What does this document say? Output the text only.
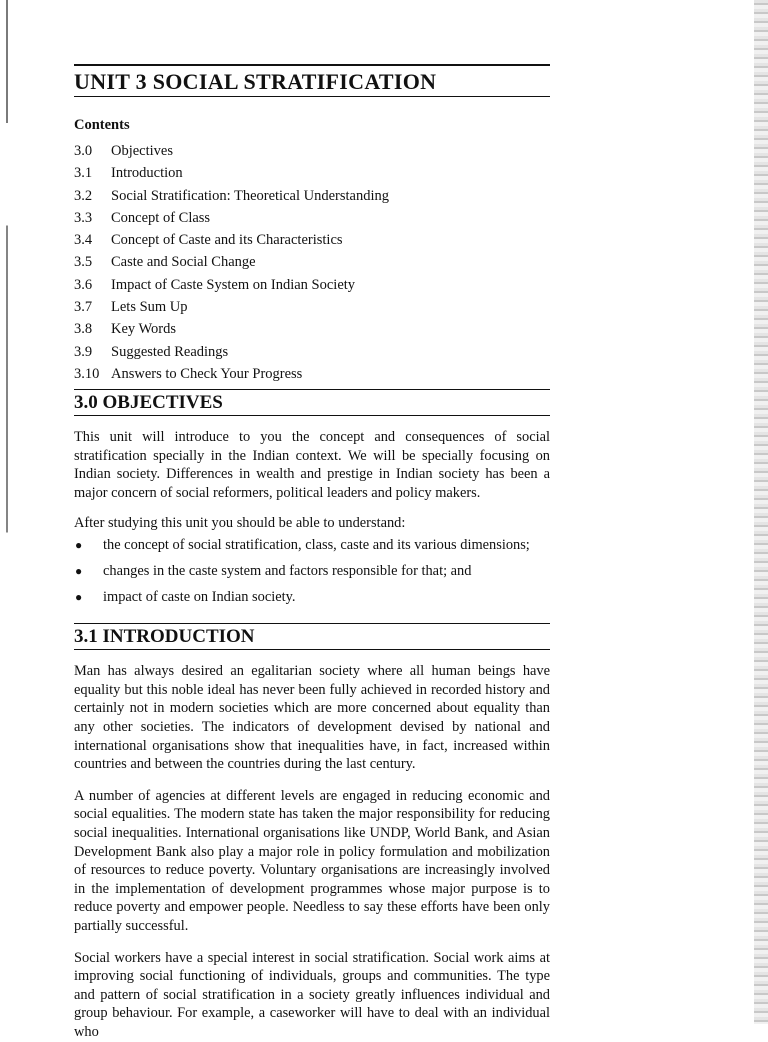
UNIT 3 SOCIAL STRATIFICATION
Contents
3.0	Objectives
3.1	Introduction
3.2	Social Stratification: Theoretical Understanding
3.3	Concept of Class
3.4	Concept of Caste and its Characteristics
3.5	Caste and Social Change
3.6	Impact of Caste System on Indian Society
3.7	Lets Sum Up
3.8	Key Words
3.9	Suggested Readings
3.10 Answers to Check Your Progress
3.0 OBJECTIVES

This unit will introduce to you the concept and consequences of social stratification specially in the Indian context. We will be specially focusing on Indian society. Differences in wealth and prestige in Indian society has been a major concern of social reformers, political leaders and policy makers.

After studying this unit you should be able to understand:

●	the concept of social stratification, class, caste and its various dimensions;
●	changes in the caste system and factors responsible for that; and
●	impact of caste on Indian society.
3.1 INTRODUCTION

Man has always desired an egalitarian society where all human beings have equality but this noble ideal has never been fully achieved in recorded history and certainly not in modern societies which are more concerned about equality than any other societies. The indicators of development devised by national and international organisations show that inequalities have, in fact, increased within countries and between the countries during the last century.

A number of agencies at different levels are engaged in reducing economic and social equalities. The modern state has taken the major responsibility for reducing social inequalities. International organisations like UNDP, World Bank, and Asian Development Bank also play a major role in policy formulation and mobilization of resources to reduce poverty. Voluntary organisations are increasingly involved in the implementation of development programmes whose major purpose is to reduce poverty and empower people. Needless to say these efforts have been only partially successful.

Social workers have a special interest in social stratification. Social work aims at improving social functioning of individuals, groups and communities. The type and pattern of social stratification in a society greatly influences individual and group behaviour. For example, a caseworker will have to deal with an individual who
